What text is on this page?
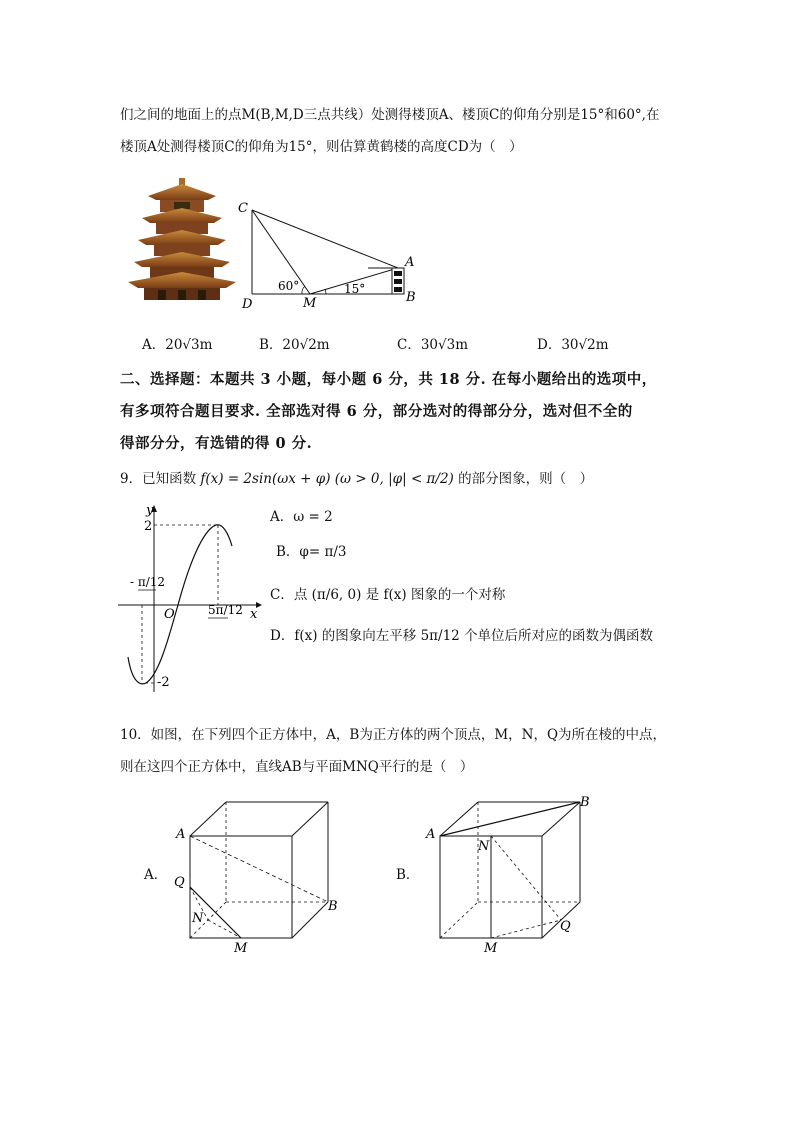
们之间的地面上的点M(B,M,D三点共线）处测得楼顶A、楼顶C的仰角分别是15°和60°,在
楼顶A处测得楼顶C的仰角为15°，则估算黄鹤楼的高度CD为（　）
C
A
B
D	M
60°	15°
A．20√3m	B．20√2m	C．30√3m	D．30√2m
二、选择题：本题共 3 小题，每小题 6 分，共 18 分. 在每小题给出的选项中，
有多项符合题目要求. 全部选对得 6 分，部分选对的得部分分，选对但不全的
得部分分，有选错的得 0 分.
9．已知函数 f(x) = 2sin(ωx + φ) (ω > 0, |φ| < π/2) 的部分图象，则（　）
y
x
O
2
-2
- π/12
5π/12
A．ω = 2
B．φ= π/3
C．点 (π/6, 0) 是 f(x) 图象的一个对称
D．f(x) 的图象向左平移 5π/12 个单位后所对应的函数为偶函数
10．如图，在下列四个正方体中，A，B为正方体的两个顶点，M，N，Q为所在棱的中点，
则在这四个正方体中，直线AB与平面MNQ平行的是（　）
A．
A
B
Q
N
M
B．
A
B
N
M
Q
